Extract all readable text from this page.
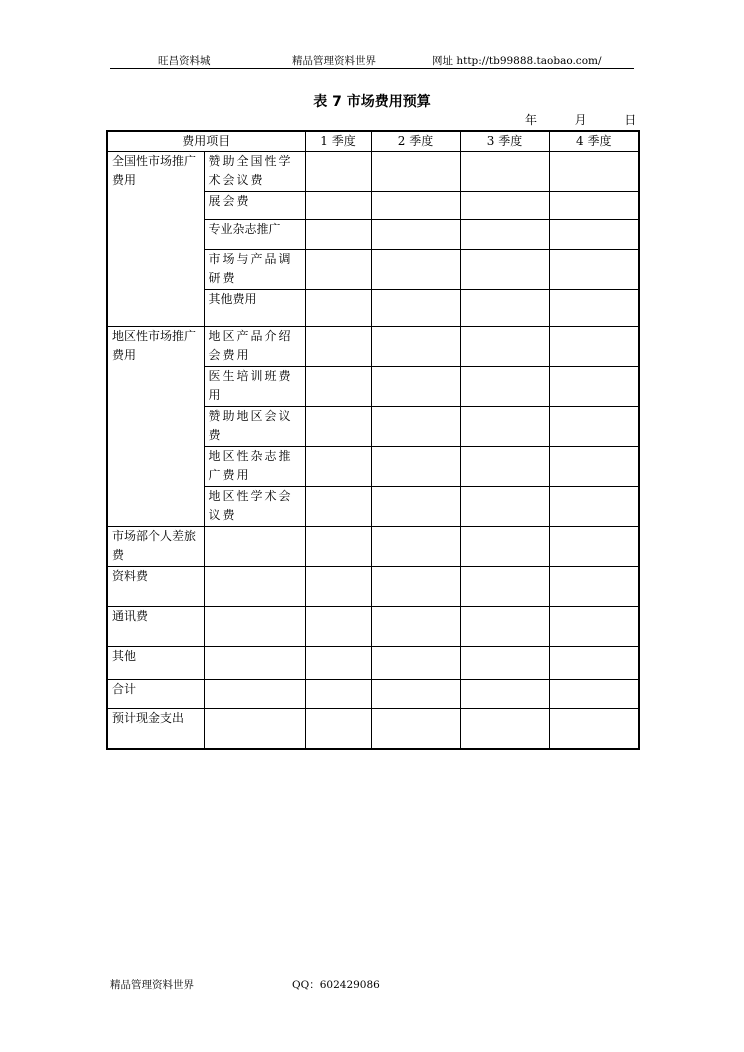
旺昌资料城	精品管理资料世界	网址 http://tb99888.taobao.com/
表 7 市场费用预算
年	月	日
费用项目		1 季度	2 季度	3 季度	4 季度
全国性市场推广费用	赞助全国性学术会议费				
	展会费				
	专业杂志推广				
	市场与产品调研费				
	其他费用				
地区性市场推广费用	地区产品介绍会费用				
	医生培训班费用				
	赞助地区会议费				
	地区性杂志推广费用				
	地区性学术会议费				
市场部个人差旅费					
资料费					
通讯费					
其他					
合计					
预计现金支出					
精品管理资料世界	QQ：602429086
